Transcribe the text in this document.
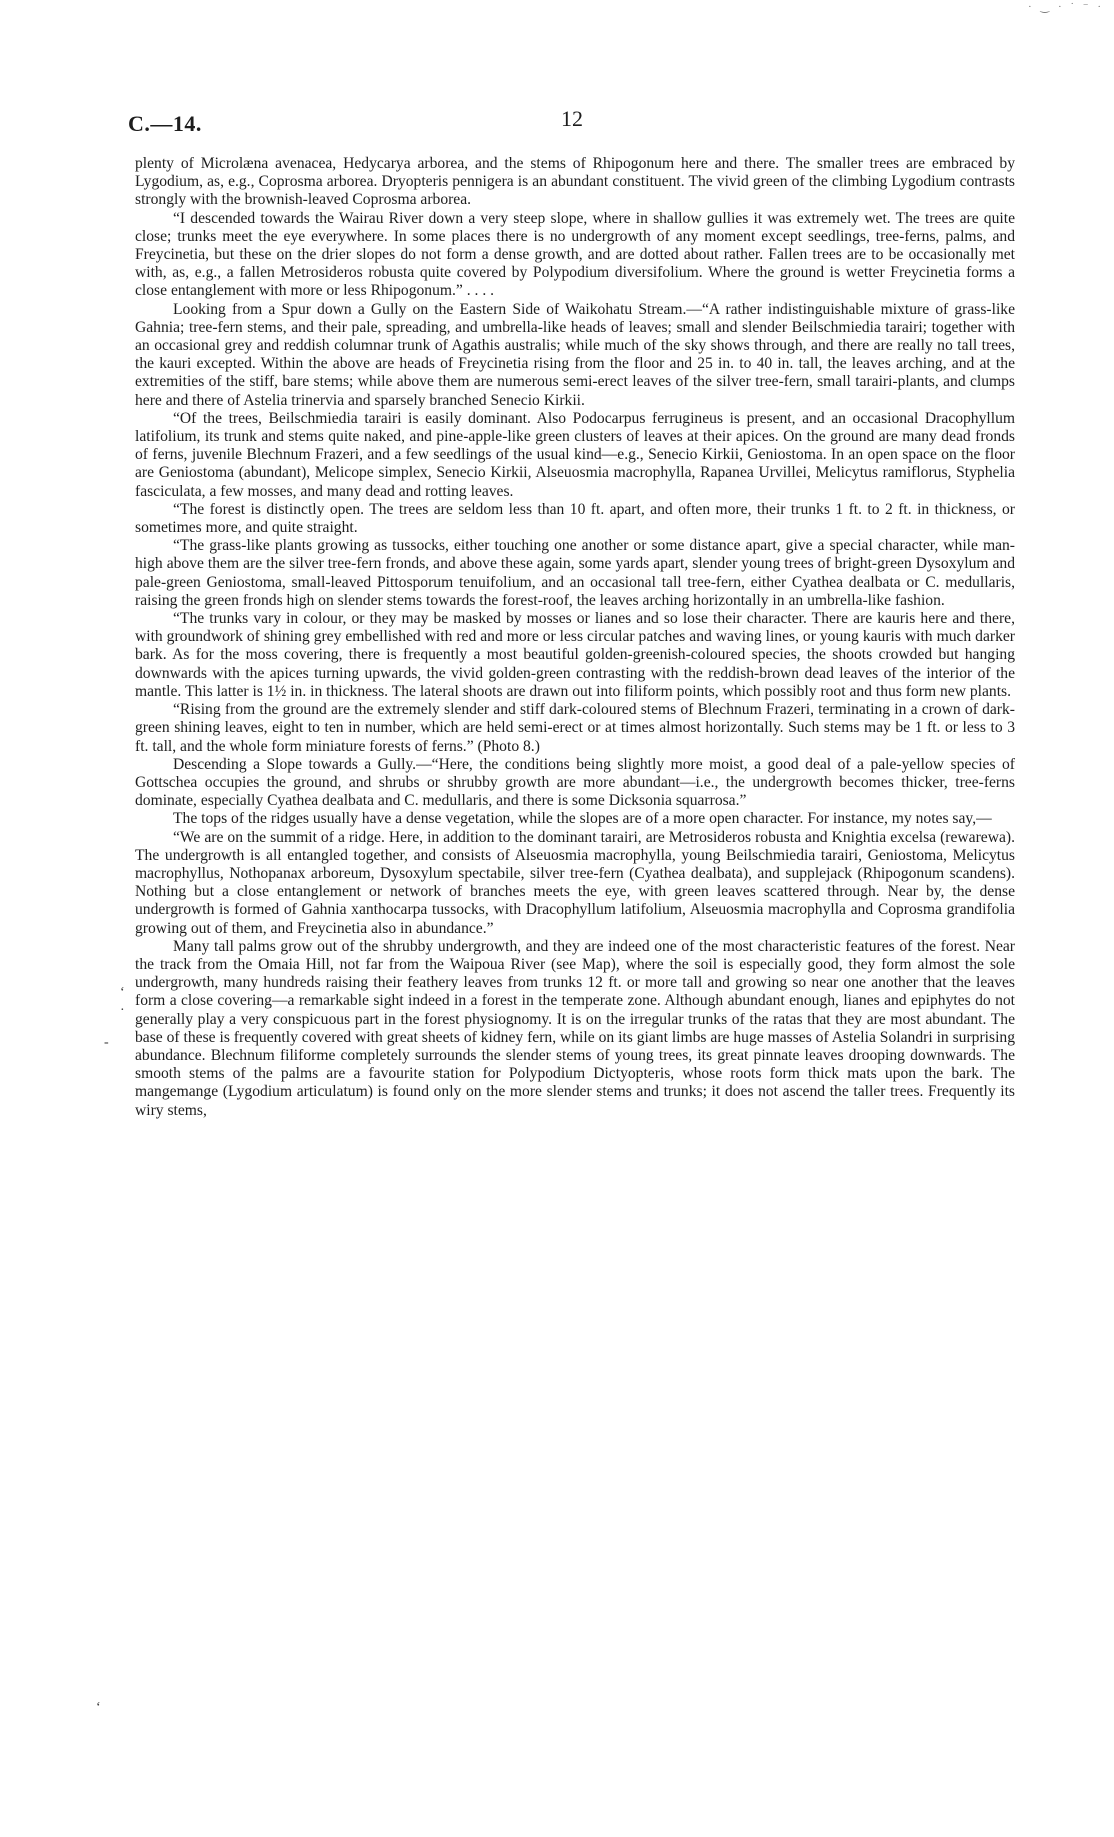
· ‿ · ˙ ⁻ ·
C.—14.	12

plenty of Microlæna avenacea, Hedycarya arborea, and the stems of Rhipogonum here and there. The smaller trees are embraced by Lygodium, as, e.g., Coprosma arborea. Dryopteris pennigera is an abundant constituent. The vivid green of the climbing Lygodium contrasts strongly with the brownish-leaved Coprosma arborea.

“I descended towards the Wairau River down a very steep slope, where in shallow gullies it was extremely wet. The trees are quite close; trunks meet the eye everywhere. In some places there is no undergrowth of any moment except seedlings, tree-ferns, palms, and Freycinetia, but these on the drier slopes do not form a dense growth, and are dotted about rather. Fallen trees are to be occasionally met with, as, e.g., a fallen Metrosideros robusta quite covered by Polypodium diversifolium. Where the ground is wetter Freycinetia forms a close entanglement with more or less Rhipogonum.” . . . .

Looking from a Spur down a Gully on the Eastern Side of Waikohatu Stream.—“A rather indistinguishable mixture of grass-like Gahnia; tree-fern stems, and their pale, spreading, and umbrella-like heads of leaves; small and slender Beilschmiedia tarairi; together with an occasional grey and reddish columnar trunk of Agathis australis; while much of the sky shows through, and there are really no tall trees, the kauri excepted. Within the above are heads of Freycinetia rising from the floor and 25 in. to 40 in. tall, the leaves arching, and at the extremities of the stiff, bare stems; while above them are numerous semi-erect leaves of the silver tree-fern, small tarairi-plants, and clumps here and there of Astelia trinervia and sparsely branched Senecio Kirkii.

“Of the trees, Beilschmiedia tarairi is easily dominant. Also Podocarpus ferrugineus is present, and an occasional Dracophyllum latifolium, its trunk and stems quite naked, and pine-apple-like green clusters of leaves at their apices. On the ground are many dead fronds of ferns, juvenile Blechnum Frazeri, and a few seedlings of the usual kind—e.g., Senecio Kirkii, Geniostoma. In an open space on the floor are Geniostoma (abundant), Melicope simplex, Senecio Kirkii, Alseuosmia macrophylla, Rapanea Urvillei, Melicytus ramiflorus, Styphelia fasciculata, a few mosses, and many dead and rotting leaves.

“The forest is distinctly open. The trees are seldom less than 10 ft. apart, and often more, their trunks 1 ft. to 2 ft. in thickness, or sometimes more, and quite straight.

“The grass-like plants growing as tussocks, either touching one another or some distance apart, give a special character, while man-high above them are the silver tree-fern fronds, and above these again, some yards apart, slender young trees of bright-green Dysoxylum and pale-green Geniostoma, small-leaved Pittosporum tenuifolium, and an occasional tall tree-fern, either Cyathea dealbata or C. medullaris, raising the green fronds high on slender stems towards the forest-roof, the leaves arching horizontally in an umbrella-like fashion.

“The trunks vary in colour, or they may be masked by mosses or lianes and so lose their character. There are kauris here and there, with groundwork of shining grey embellished with red and more or less circular patches and waving lines, or young kauris with much darker bark. As for the moss covering, there is frequently a most beautiful golden-greenish-coloured species, the shoots crowded but hanging downwards with the apices turning upwards, the vivid golden-green contrasting with the reddish-brown dead leaves of the interior of the mantle. This latter is 1½ in. in thickness. The lateral shoots are drawn out into filiform points, which possibly root and thus form new plants.

“Rising from the ground are the extremely slender and stiff dark-coloured stems of Blechnum Frazeri, terminating in a crown of dark-green shining leaves, eight to ten in number, which are held semi-erect or at times almost horizontally. Such stems may be 1 ft. or less to 3 ft. tall, and the whole form miniature forests of ferns.” (Photo 8.)

Descending a Slope towards a Gully.—“Here, the conditions being slightly more moist, a good deal of a pale-yellow species of Gottschea occupies the ground, and shrubs or shrubby growth are more abundant—i.e., the undergrowth becomes thicker, tree-ferns dominate, especially Cyathea dealbata and C. medullaris, and there is some Dicksonia squarrosa.”

The tops of the ridges usually have a dense vegetation, while the slopes are of a more open character. For instance, my notes say,—

“We are on the summit of a ridge. Here, in addition to the dominant tarairi, are Metrosideros robusta and Knightia excelsa (rewarewa). The undergrowth is all entangled together, and consists of Alseuosmia macrophylla, young Beilschmiedia tarairi, Geniostoma, Melicytus macrophyllus, Nothopanax arboreum, Dysoxylum spectabile, silver tree-fern (Cyathea dealbata), and supplejack (Rhipogonum scandens). Nothing but a close entanglement or network of branches meets the eye, with green leaves scattered through. Near by, the dense undergrowth is formed of Gahnia xanthocarpa tussocks, with Dracophyllum latifolium, Alseuosmia macrophylla and Coprosma grandifolia growing out of them, and Freycinetia also in abundance.”

Many tall palms grow out of the shrubby undergrowth, and they are indeed one of the most characteristic features of the forest. Near the track from the Omaia Hill, not far from the Waipoua River (see Map), where the soil is especially good, they form almost the sole undergrowth, many hundreds raising their feathery leaves from trunks 12 ft. or more tall and growing so near one another that the leaves form a close covering—a remarkable sight indeed in a forest in the temperate zone. Although abundant enough, lianes and epiphytes do not generally play a very conspicuous part in the forest physiognomy. It is on the irregular trunks of the ratas that they are most abundant. The base of these is frequently covered with great sheets of kidney fern, while on its giant limbs are huge masses of Astelia Solandri in surprising abundance. Blechnum filiforme completely surrounds the slender stems of young trees, its great pinnate leaves drooping downwards. The smooth stems of the palms are a favourite station for Polypodium Dictyopteris, whose roots form thick mats upon the bark. The mangemange (Lygodium articulatum) is found only on the more slender stems and trunks; it does not ascend the taller trees. Frequently its wiry stems,

‘
·
-
‘
